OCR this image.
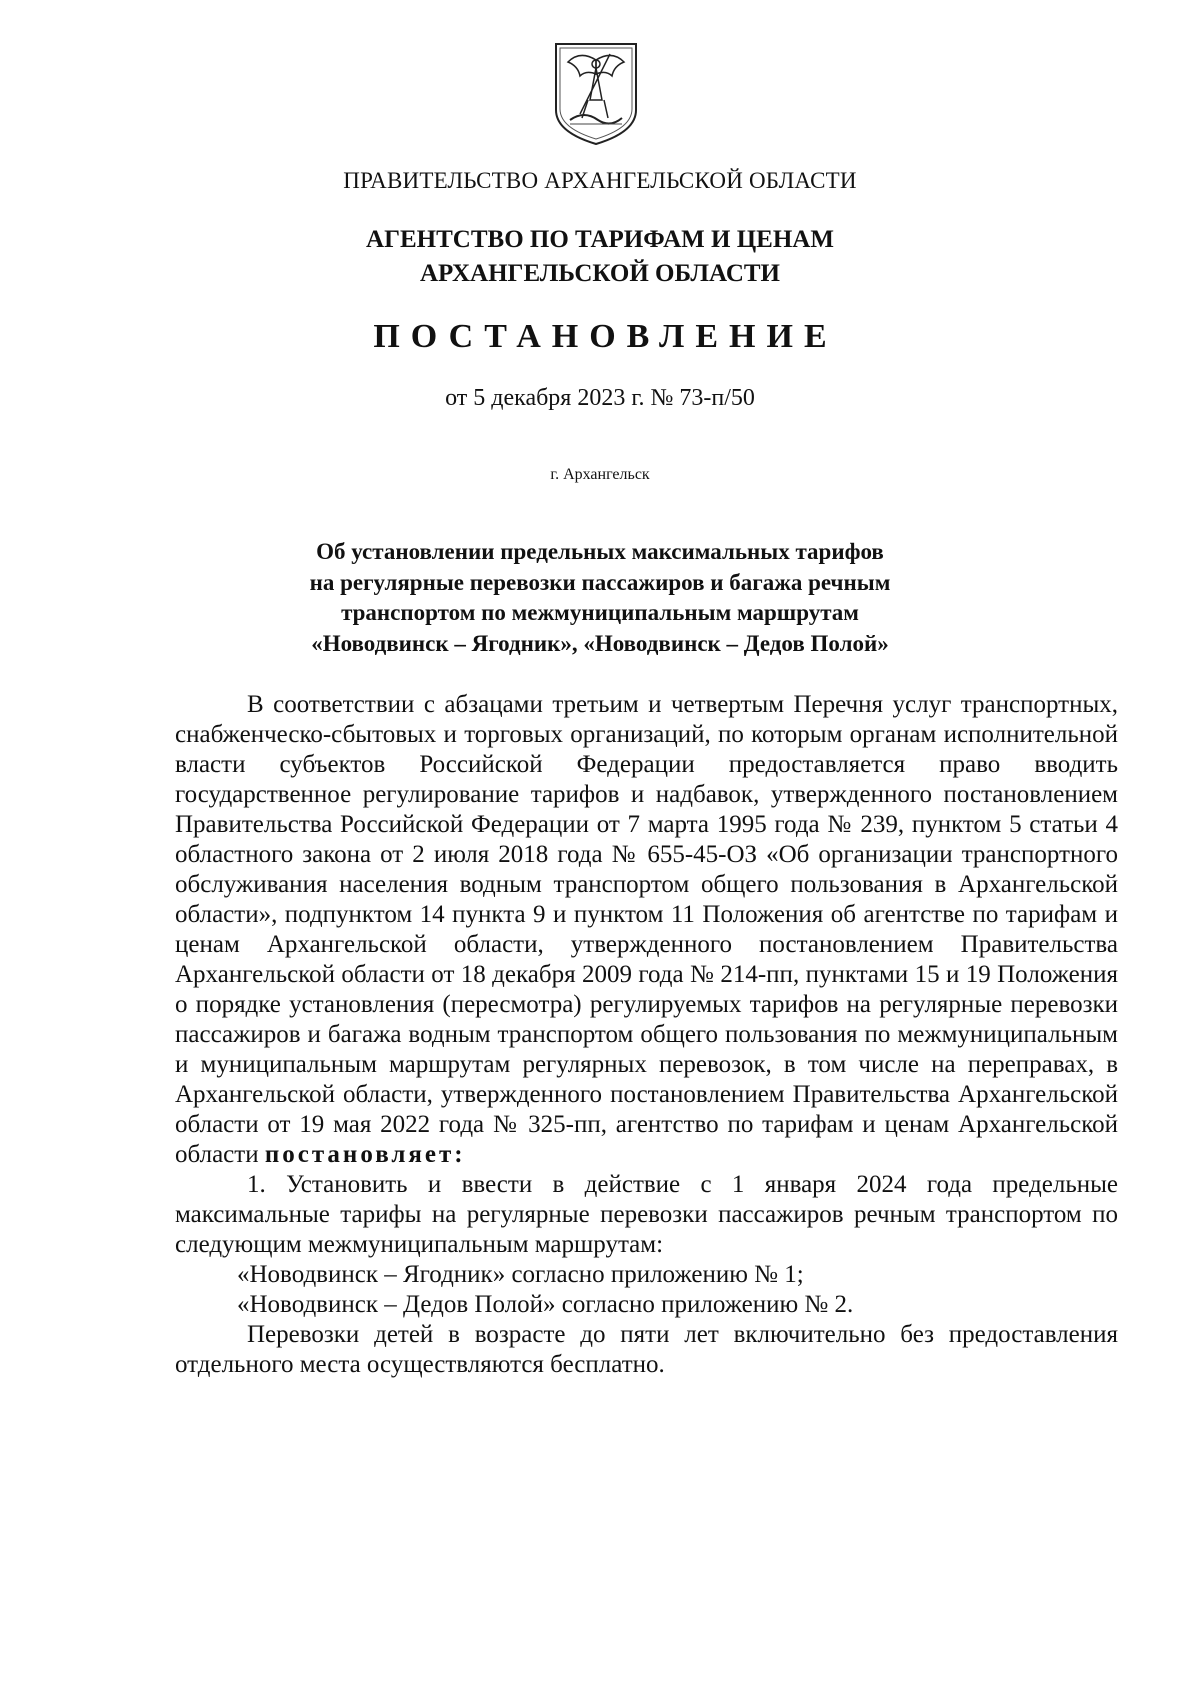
ПРАВИТЕЛЬСТВО АРХАНГЕЛЬСКОЙ ОБЛАСТИ
АГЕНТСТВО ПО ТАРИФАМ И ЦЕНАМ
АРХАНГЕЛЬСКОЙ ОБЛАСТИ
ПОСТАНОВЛЕНИЕ
от 5 декабря 2023 г. № 73-п/50
г. Архангельск
Об установлении предельных максимальных тарифов
на регулярные перевозки пассажиров и багажа речным
транспортом по межмуниципальным маршрутам
«Новодвинск – Ягодник», «Новодвинск – Дедов Полой»

В соответствии с абзацами третьим и четвертым Перечня услуг транспортных, снабженческо-сбытовых и торговых организаций, по которым органам исполнительной власти субъектов Российской Федерации предоставляется право вводить государственное регулирование тарифов и надбавок, утвержденного постановлением Правительства Российской Федерации от 7 марта 1995 года № 239, пунктом 5 статьи 4 областного закона от 2 июля 2018 года № 655-45-ОЗ «Об организации транспортного обслуживания населения водным транспортом общего пользования в Архангельской области», подпунктом 14 пункта 9 и пунктом 11 Положения об агентстве по тарифам и ценам Архангельской области, утвержденного постановлением Правительства Архангельской области от 18 декабря 2009 года № 214-пп, пунктами 15 и 19 Положения о порядке установления (пересмотра) регулируемых тарифов на регулярные перевозки пассажиров и багажа водным транспортом общего пользования по межмуниципальным и муниципальным маршрутам регулярных перевозок, в том числе на переправах, в Архангельской области, утвержденного постановлением Правительства Архангельской области от 19 мая 2022 года № 325-пп, агентство по тарифам и ценам Архангельской области постановляет:

1. Установить и ввести в действие с 1 января 2024 года предельные максимальные тарифы на регулярные перевозки пассажиров речным транспортом по следующим межмуниципальным маршрутам:

«Новодвинск – Ягодник» согласно приложению № 1;

«Новодвинск – Дедов Полой» согласно приложению № 2.

Перевозки детей в возрасте до пяти лет включительно без предоставления отдельного места осуществляются бесплатно.
